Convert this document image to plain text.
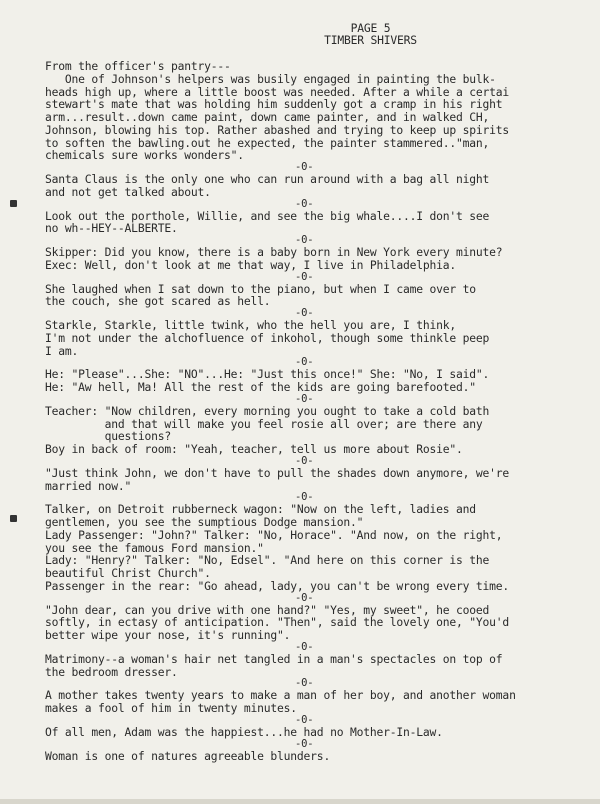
PAGE 5
TIMBER SHIVERS
From the officer's pantry---
One of Johnson's helpers was busily engaged in painting the bulk-
heads high up, where a little boost was needed. After a while a certai
stewart's mate that was holding him suddenly got a cramp in his right
arm...result..down came paint, down came painter, and in walked CH,
Johnson, blowing his top. Rather abashed and trying to keep up spirits
to soften the bawling.out he expected, the painter stammered.."man,
chemicals sure works wonders".
-0-
Santa Claus is the only one who can run around with a bag all night
and not get talked about.
-0-
Look out the porthole, Willie, and see the big whale....I don't see
no wh--HEY--ALBERTE.
-0-
Skipper: Did you know, there is a baby born in New York every minute?
Exec: Well, don't look at me that way, I live in Philadelphia.
-0-
She laughed when I sat down to the piano, but when I came over to
the couch, she got scared as hell.
-0-
Starkle, Starkle, little twink, who the hell you are, I think,
I'm not under the alchofluence of inkohol, though some thinkle peep
I am.
-0-
He: "Please"...She: "NO"...He: "Just this once!" She: "No, I said".
He: "Aw hell, Ma! All the rest of the kids are going barefooted."
-0-
Teacher: "Now children, every morning you ought to take a cold bath
and that will make you feel rosie all over; are there any
questions?
Boy in back of room: "Yeah, teacher, tell us more about Rosie".
-0-
"Just think John, we don't have to pull the shades down anymore, we're
married now."
-0-
Talker, on Detroit rubberneck wagon: "Now on the left, ladies and
gentlemen, you see the sumptious Dodge mansion."
Lady Passenger: "John?" Talker: "No, Horace". "And now, on the right,
you see the famous Ford mansion."
Lady: "Henry?" Talker: "No, Edsel". "And here on this corner is the
beautiful Christ Church".
Passenger in the rear: "Go ahead, lady, you can't be wrong every time.
-0-
"John dear, can you drive with one hand?" "Yes, my sweet", he cooed
softly, in ectasy of anticipation. "Then", said the lovely one, "You'd
better wipe your nose, it's running".
-0-
Matrimony--a woman's hair net tangled in a man's spectacles on top of
the bedroom dresser.
-0-
A mother takes twenty years to make a man of her boy, and another woman
makes a fool of him in twenty minutes.
-0-
Of all men, Adam was the happiest...he had no Mother-In-Law.
-0-
Woman is one of natures agreeable blunders.
